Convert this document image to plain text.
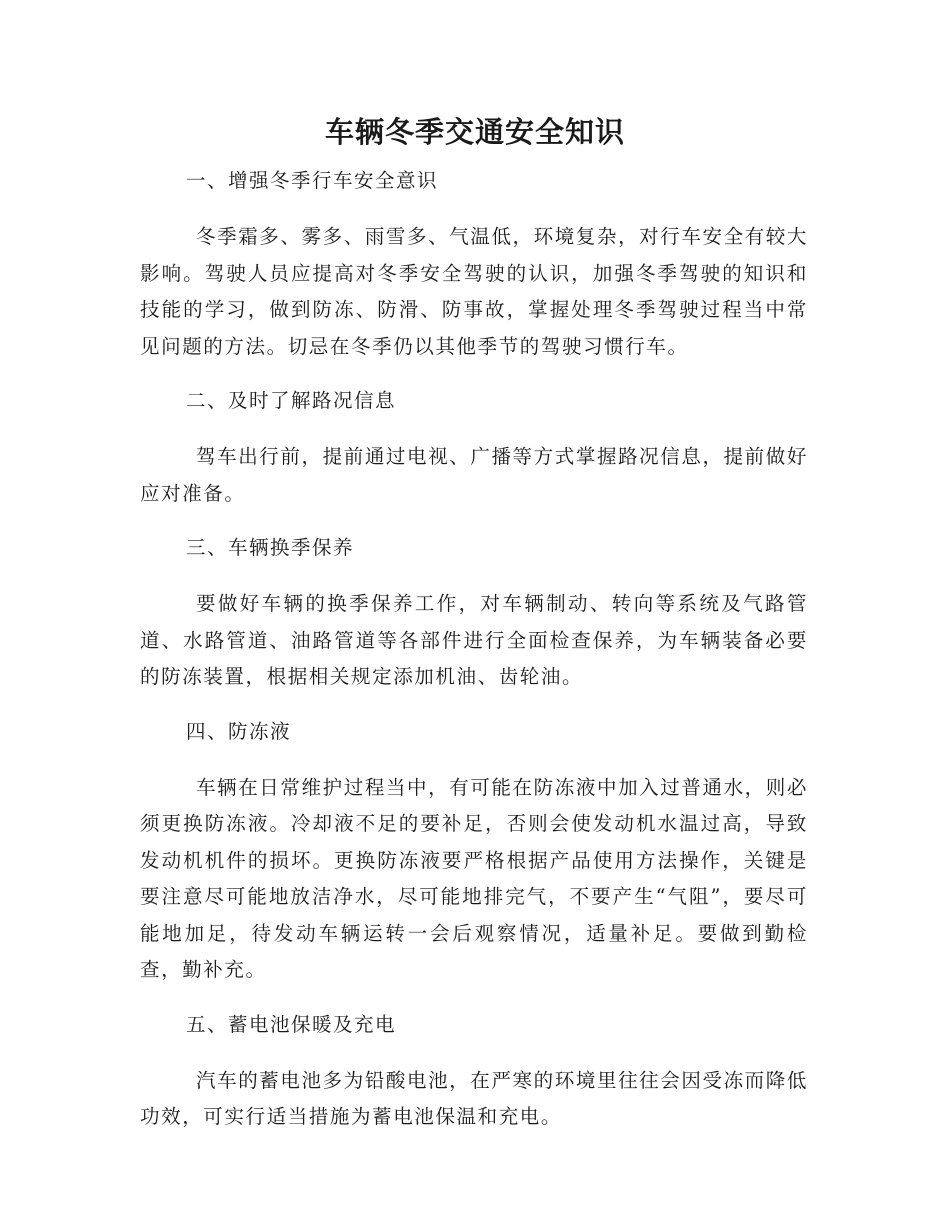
车辆冬季交通安全知识

一、增强冬季行车安全意识

冬季霜多、雾多、雨雪多、气温低，环境复杂，对行车安全有较大影响。驾驶人员应提高对冬季安全驾驶的认识，加强冬季驾驶的知识和技能的学习，做到防冻、防滑、防事故，掌握处理冬季驾驶过程当中常见问题的方法。切忌在冬季仍以其他季节的驾驶习惯行车。

二、及时了解路况信息

驾车出行前，提前通过电视、广播等方式掌握路况信息，提前做好应对准备。

三、车辆换季保养

要做好车辆的换季保养工作，对车辆制动、转向等系统及气路管道、水路管道、油路管道等各部件进行全面检查保养，为车辆装备必要的防冻装置，根据相关规定添加机油、齿轮油。

四、防冻液

车辆在日常维护过程当中，有可能在防冻液中加入过普通水，则必须更换防冻液。冷却液不足的要补足，否则会使发动机水温过高，导致发动机机件的损坏。更换防冻液要严格根据产品使用方法操作，关键是要注意尽可能地放洁净水，尽可能地排完气，不要产生“气阻”，要尽可能地加足，待发动车辆运转一会后观察情况，适量补足。要做到勤检查，勤补充。

五、蓄电池保暖及充电

汽车的蓄电池多为铅酸电池，在严寒的环境里往往会因受冻而降低功效，可实行适当措施为蓄电池保温和充电。
